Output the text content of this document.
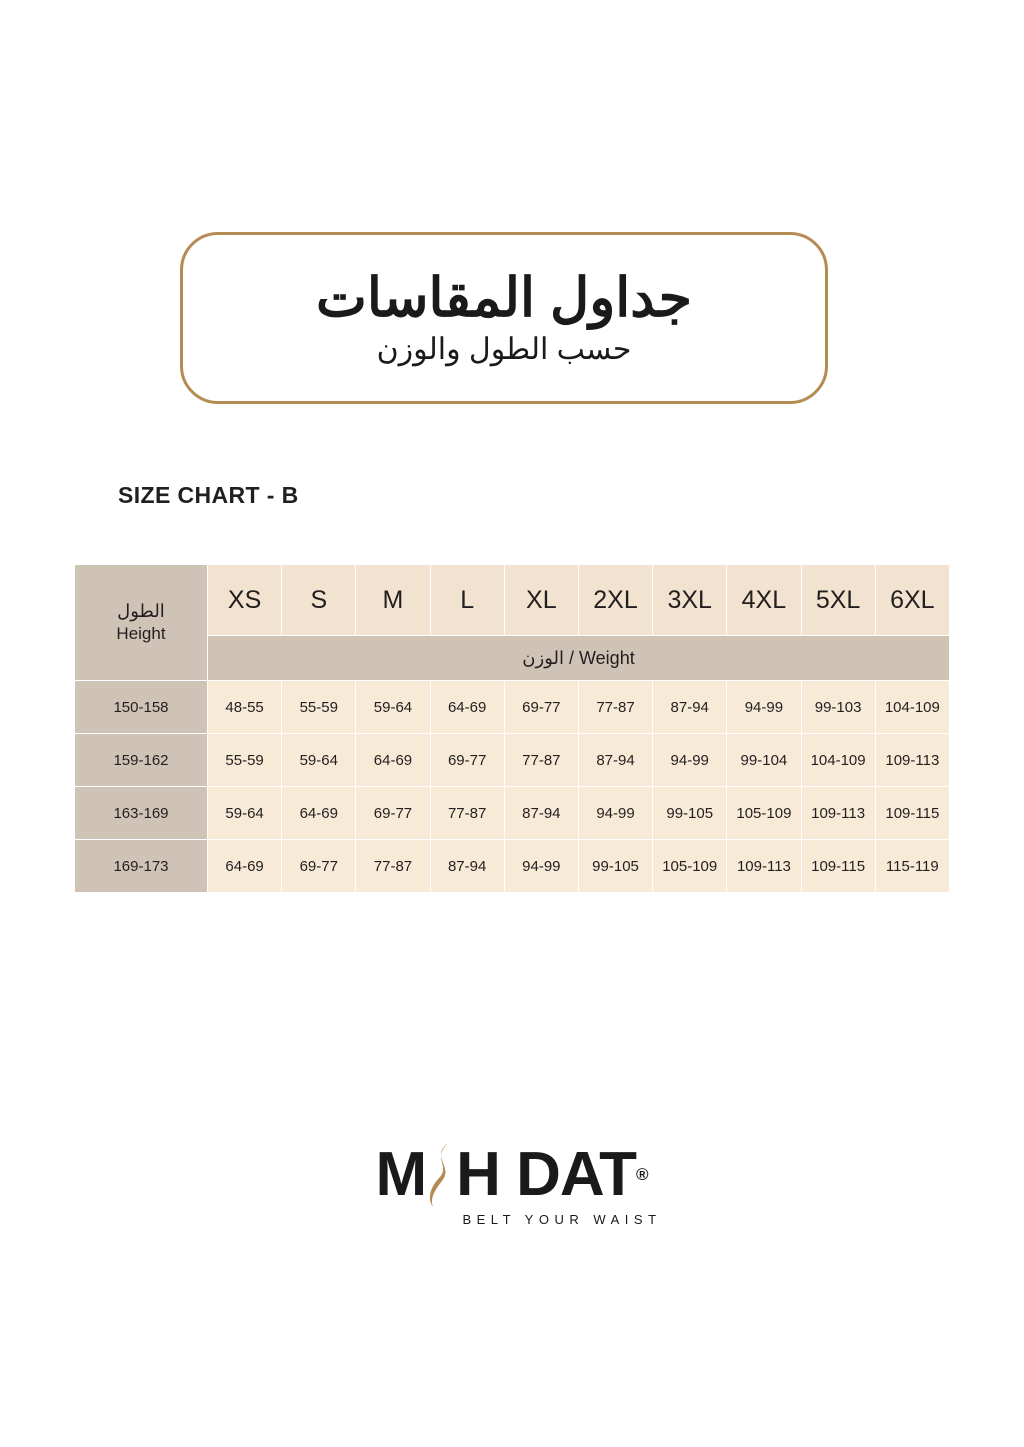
جداول المقاسات
حسب الطول والوزن
SIZE CHART - B
الطول
Height	XS	S	M	L	XL	2XL	3XL	4XL	5XL	6XL
	الوزن / Weight									
150-158	48-55	55-59	59-64	64-69	69-77	77-87	87-94	94-99	99-103	104-109
159-162	55-59	59-64	64-69	69-77	77-87	87-94	94-99	99-104	104-109	109-113
163-169	59-64	64-69	69-77	77-87	87-94	94-99	99-105	105-109	109-113	109-115
169-173	64-69	69-77	77-87	87-94	94-99	99-105	105-109	109-113	109-115	115-119
M H DAT ®
BELT YOUR WAIST
